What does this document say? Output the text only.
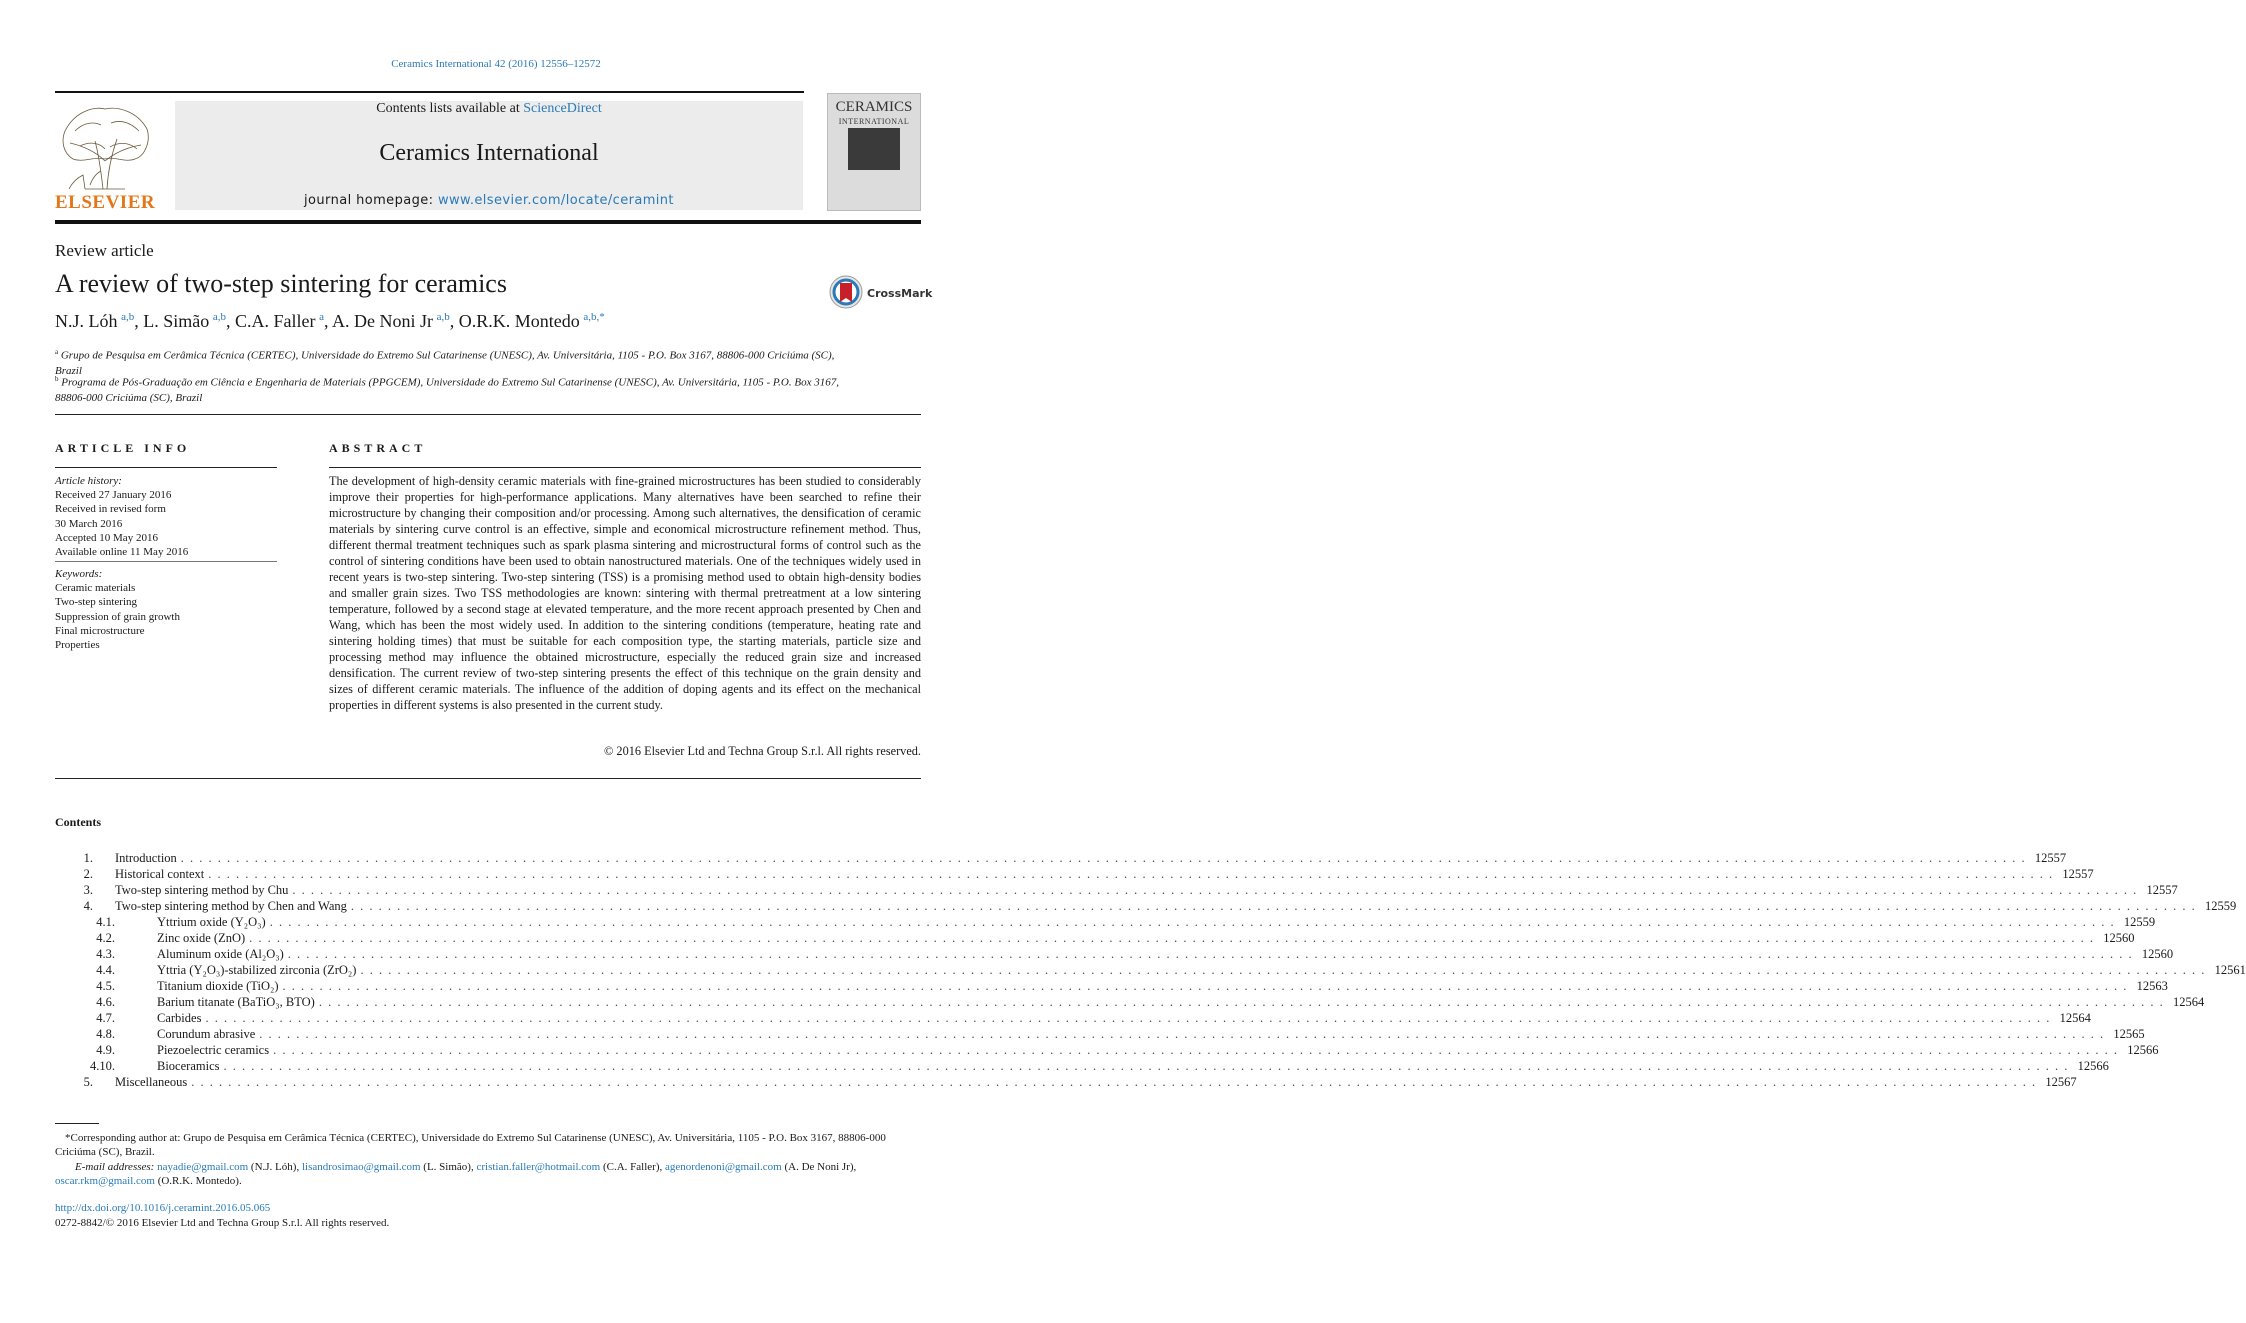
Ceramics International 42 (2016) 12556–12572
ELSEVIER
Contents lists available at ScienceDirect
Ceramics International
journal homepage: www.elsevier.com/locate/ceramint
CERAMICS
INTERNATIONAL
Review article
A review of two-step sintering for ceramics	CrossMark
N.J. Lóh  $^{a,b}$, L. Simão  $^{a,b}$, C.A. Faller  $^a$, A. De Noni Jr  $^{a,b}$, O.R.K. Montedo  $^{a,b,*}$
$^a$ Grupo de Pesquisa em Cerâmica Técnica (CERTEC), Universidade do Extremo Sul Catarinense (UNESC), Av. Universitária, 1105 - P.O. Box 3167, 88806-000 Criciúma (SC), Brazil
$^b$ Programa de Pós-Graduação em Ciência e Engenharia de Materiais (PPGCEM), Universidade do Extremo Sul Catarinense (UNESC), Av. Universitária, 1105 - P.O. Box 3167, 88806-000 Criciúma (SC), Brazil
ARTICLE INFO
Article history:
Received 27 January 2016
Received in revised form
30 March 2016
Accepted 10 May 2016
Available online 11 May 2016
Keywords:
Ceramic materials
Two-step sintering
Suppression of grain growth
Final microstructure
Properties
ABSTRACT
The development of high-density ceramic materials with fine-grained microstructures has been studied to considerably improve their properties for high-performance applications. Many alternatives have been searched to refine their microstructure by changing their composition and/or processing. Among such alternatives, the densification of ceramic materials by sintering curve control is an effective, simple and economical microstructure refinement method. Thus, different thermal treatment techniques such as spark plasma sintering and microstructural forms of control such as the control of sintering conditions have been used to obtain nanostructured materials. One of the techniques widely used in recent years is two-step sintering. Two-step sintering (TSS) is a promising method used to obtain high-density bodies and smaller grain sizes. Two TSS methodologies are known: sintering with thermal pretreatment at a low sintering temperature, followed by a second stage at elevated temperature, and the more recent approach presented by Chen and Wang, which has been the most widely used. In addition to the sintering conditions (temperature, heating rate and sintering holding times) that must be suitable for each composition type, the starting materials, particle size and processing method may influence the obtained microstructure, especially the reduced grain size and increased densification. The current review of two-step sintering presents the effect of this technique on the grain density and sizes of different ceramic materials. The influence of the addition of doping agents and its effect on the mechanical properties in different systems is also presented in the current study.
© 2016 Elsevier Ltd and Techna Group S.r.l. All rights reserved.
Contents
1. Introduction . . . . . . . . . . . . . . . . . . . . . . . . . . . . . . . . . . . . . . . . . . . . . . . . . . . . . . . . . . . . . . . . . . . . . . . . . . . . . . . . . . . . . . . . . . . . . . . . . . . . . . . . . . . . . . . . . . . . . . . . . . . . . . . . . . . . . . . . . . . . . . . . . . . . . . . . . . . . . . . . . . . . . . . . . . . . . . . . . . . . . . . . . . . . . . . . . . . . . . . . 12557
2. Historical context . . . . . . . . . . . . . . . . . . . . . . . . . . . . . . . . . . . . . . . . . . . . . . . . . . . . . . . . . . . . . . . . . . . . . . . . . . . . . . . . . . . . . . . . . . . . . . . . . . . . . . . . . . . . . . . . . . . . . . . . . . . . . . . . . . . . . . . . . . . . . . . . . . . . . . . . . . . . . . . . . . . . . . . . . . . . . . . . . . . . . . . . . . . . . . . . . . . . . . . . 12557
3. Two-step sintering method by Chu . . . . . . . . . . . . . . . . . . . . . . . . . . . . . . . . . . . . . . . . . . . . . . . . . . . . . . . . . . . . . . . . . . . . . . . . . . . . . . . . . . . . . . . . . . . . . . . . . . . . . . . . . . . . . . . . . . . . . . . . . . . . . . . . . . . . . . . . . . . . . . . . . . . . . . . . . . . . . . . . . . . . . . . . . . . . . . . . . . . . . . . . . . . . . . . . . . . . . . . . 12557
4. Two-step sintering method by Chen and Wang . . . . . . . . . . . . . . . . . . . . . . . . . . . . . . . . . . . . . . . . . . . . . . . . . . . . . . . . . . . . . . . . . . . . . . . . . . . . . . . . . . . . . . . . . . . . . . . . . . . . . . . . . . . . . . . . . . . . . . . . . . . . . . . . . . . . . . . . . . . . . . . . . . . . . . . . . . . . . . . . . . . . . . . . . . . . . . . . . . . . . . . . . . . . . . . . . . . . . . . . 12559
4.1.	Yttrium oxide (Y₂O₃) . . . . . . . . . . . . . . . . . . . . . . . . . . . . . . . . . . . . . . . . . . . . . . . . . . . . . . . . . . . . . . . . . . . . . . . . . . . . . . . . . . . . . . . . . . . . . . . . . . . . . . . . . . . . . . . . . . . . . . . . . . . . . . . . . . . . . . . . . . . . . . . . . . . . . . . . . . . . . . . . . . . . . . . . . . . . . . . . . . . . . . . . . . . . . . . . . . . . . . . . 12559
4.2.	Zinc oxide (ZnO) . . . . . . . . . . . . . . . . . . . . . . . . . . . . . . . . . . . . . . . . . . . . . . . . . . . . . . . . . . . . . . . . . . . . . . . . . . . . . . . . . . . . . . . . . . . . . . . . . . . . . . . . . . . . . . . . . . . . . . . . . . . . . . . . . . . . . . . . . . . . . . . . . . . . . . . . . . . . . . . . . . . . . . . . . . . . . . . . . . . . . . . . . . . . . . . . . . . . . . . . 12560
4.3.	Aluminum oxide (Al₂O₃) . . . . . . . . . . . . . . . . . . . . . . . . . . . . . . . . . . . . . . . . . . . . . . . . . . . . . . . . . . . . . . . . . . . . . . . . . . . . . . . . . . . . . . . . . . . . . . . . . . . . . . . . . . . . . . . . . . . . . . . . . . . . . . . . . . . . . . . . . . . . . . . . . . . . . . . . . . . . . . . . . . . . . . . . . . . . . . . . . . . . . . . . . . . . . . . . . . . . . . . . 12560
4.4.	Yttria (Y₂O₃)-stabilized zirconia (ZrO₂) . . . . . . . . . . . . . . . . . . . . . . . . . . . . . . . . . . . . . . . . . . . . . . . . . . . . . . . . . . . . . . . . . . . . . . . . . . . . . . . . . . . . . . . . . . . . . . . . . . . . . . . . . . . . . . . . . . . . . . . . . . . . . . . . . . . . . . . . . . . . . . . . . . . . . . . . . . . . . . . . . . . . . . . . . . . . . . . . . . . . . . . . . . . . . . . . . . . . . . . . 12561
4.5.	Titanium dioxide (TiO₂) . . . . . . . . . . . . . . . . . . . . . . . . . . . . . . . . . . . . . . . . . . . . . . . . . . . . . . . . . . . . . . . . . . . . . . . . . . . . . . . . . . . . . . . . . . . . . . . . . . . . . . . . . . . . . . . . . . . . . . . . . . . . . . . . . . . . . . . . . . . . . . . . . . . . . . . . . . . . . . . . . . . . . . . . . . . . . . . . . . . . . . . . . . . . . . . . . . . . . . . . 12563
4.6.	Barium titanate (BaTiO₃, BTO) . . . . . . . . . . . . . . . . . . . . . . . . . . . . . . . . . . . . . . . . . . . . . . . . . . . . . . . . . . . . . . . . . . . . . . . . . . . . . . . . . . . . . . . . . . . . . . . . . . . . . . . . . . . . . . . . . . . . . . . . . . . . . . . . . . . . . . . . . . . . . . . . . . . . . . . . . . . . . . . . . . . . . . . . . . . . . . . . . . . . . . . . . . . . . . . . . . . . . . . . 12564
4.7.	Carbides . . . . . . . . . . . . . . . . . . . . . . . . . . . . . . . . . . . . . . . . . . . . . . . . . . . . . . . . . . . . . . . . . . . . . . . . . . . . . . . . . . . . . . . . . . . . . . . . . . . . . . . . . . . . . . . . . . . . . . . . . . . . . . . . . . . . . . . . . . . . . . . . . . . . . . . . . . . . . . . . . . . . . . . . . . . . . . . . . . . . . . . . . . . . . . . . . . . . . . . . 12564
4.8.	Corundum abrasive . . . . . . . . . . . . . . . . . . . . . . . . . . . . . . . . . . . . . . . . . . . . . . . . . . . . . . . . . . . . . . . . . . . . . . . . . . . . . . . . . . . . . . . . . . . . . . . . . . . . . . . . . . . . . . . . . . . . . . . . . . . . . . . . . . . . . . . . . . . . . . . . . . . . . . . . . . . . . . . . . . . . . . . . . . . . . . . . . . . . . . . . . . . . . . . . . . . . . . . . 12565
4.9.	Piezoelectric ceramics . . . . . . . . . . . . . . . . . . . . . . . . . . . . . . . . . . . . . . . . . . . . . . . . . . . . . . . . . . . . . . . . . . . . . . . . . . . . . . . . . . . . . . . . . . . . . . . . . . . . . . . . . . . . . . . . . . . . . . . . . . . . . . . . . . . . . . . . . . . . . . . . . . . . . . . . . . . . . . . . . . . . . . . . . . . . . . . . . . . . . . . . . . . . . . . . . . . . . . . . 12566
4.10.	Bioceramics . . . . . . . . . . . . . . . . . . . . . . . . . . . . . . . . . . . . . . . . . . . . . . . . . . . . . . . . . . . . . . . . . . . . . . . . . . . . . . . . . . . . . . . . . . . . . . . . . . . . . . . . . . . . . . . . . . . . . . . . . . . . . . . . . . . . . . . . . . . . . . . . . . . . . . . . . . . . . . . . . . . . . . . . . . . . . . . . . . . . . . . . . . . . . . . . . . . . . . . . 12566
5. Miscellaneous . . . . . . . . . . . . . . . . . . . . . . . . . . . . . . . . . . . . . . . . . . . . . . . . . . . . . . . . . . . . . . . . . . . . . . . . . . . . . . . . . . . . . . . . . . . . . . . . . . . . . . . . . . . . . . . . . . . . . . . . . . . . . . . . . . . . . . . . . . . . . . . . . . . . . . . . . . . . . . . . . . . . . . . . . . . . . . . . . . . . . . . . . . . . . . . . . . . . . . . . 12567
*Corresponding author at: Grupo de Pesquisa em Cerâmica Técnica (CERTEC), Universidade do Extremo Sul Catarinense (UNESC), Av. Universitária, 1105 - P.O. Box 3167, 88806-000 Criciúma (SC), Brazil.
E-mail addresses: nayadie@gmail.com (N.J. Lóh), lisandrosimao@gmail.com (L. Simão), cristian.faller@hotmail.com (C.A. Faller), agenordenoni@gmail.com (A. De Noni Jr), oscar.rkm@gmail.com (O.R.K. Montedo).
http://dx.doi.org/10.1016/j.ceramint.2016.05.065
0272-8842/© 2016 Elsevier Ltd and Techna Group S.r.l. All rights reserved.
